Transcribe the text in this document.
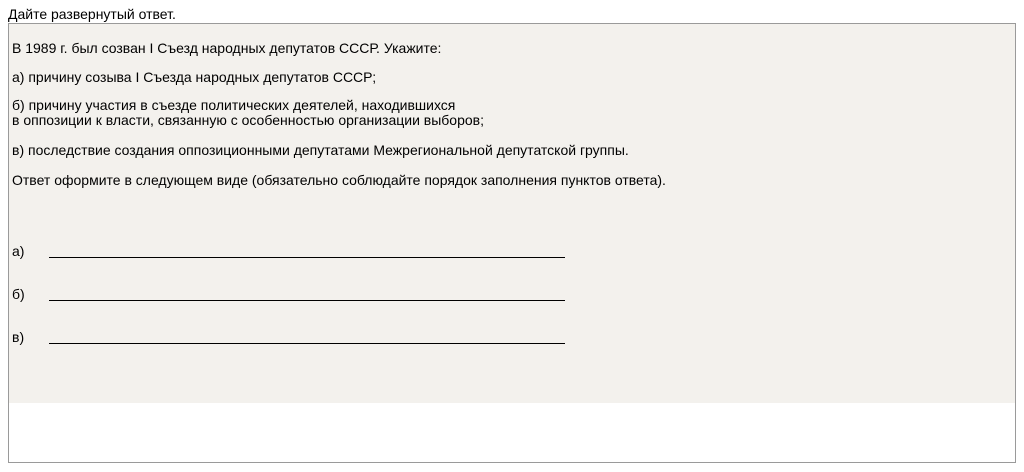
Дайте развернутый ответ.
В 1989 г. был созван I Съезд народных депутатов СССР. Укажите:
а) причину созыва I Съезда народных депутатов СССР;
б) причину участия в съезде политических деятелей, находившихся
в оппозиции к власти, связанную с особенностью организации выборов;
в) последствие создания оппозиционными депутатами Межрегиональной депутатской группы.
Ответ оформите в следующем виде (обязательно соблюдайте порядок заполнения пунктов ответа).
а)
б)
в)
